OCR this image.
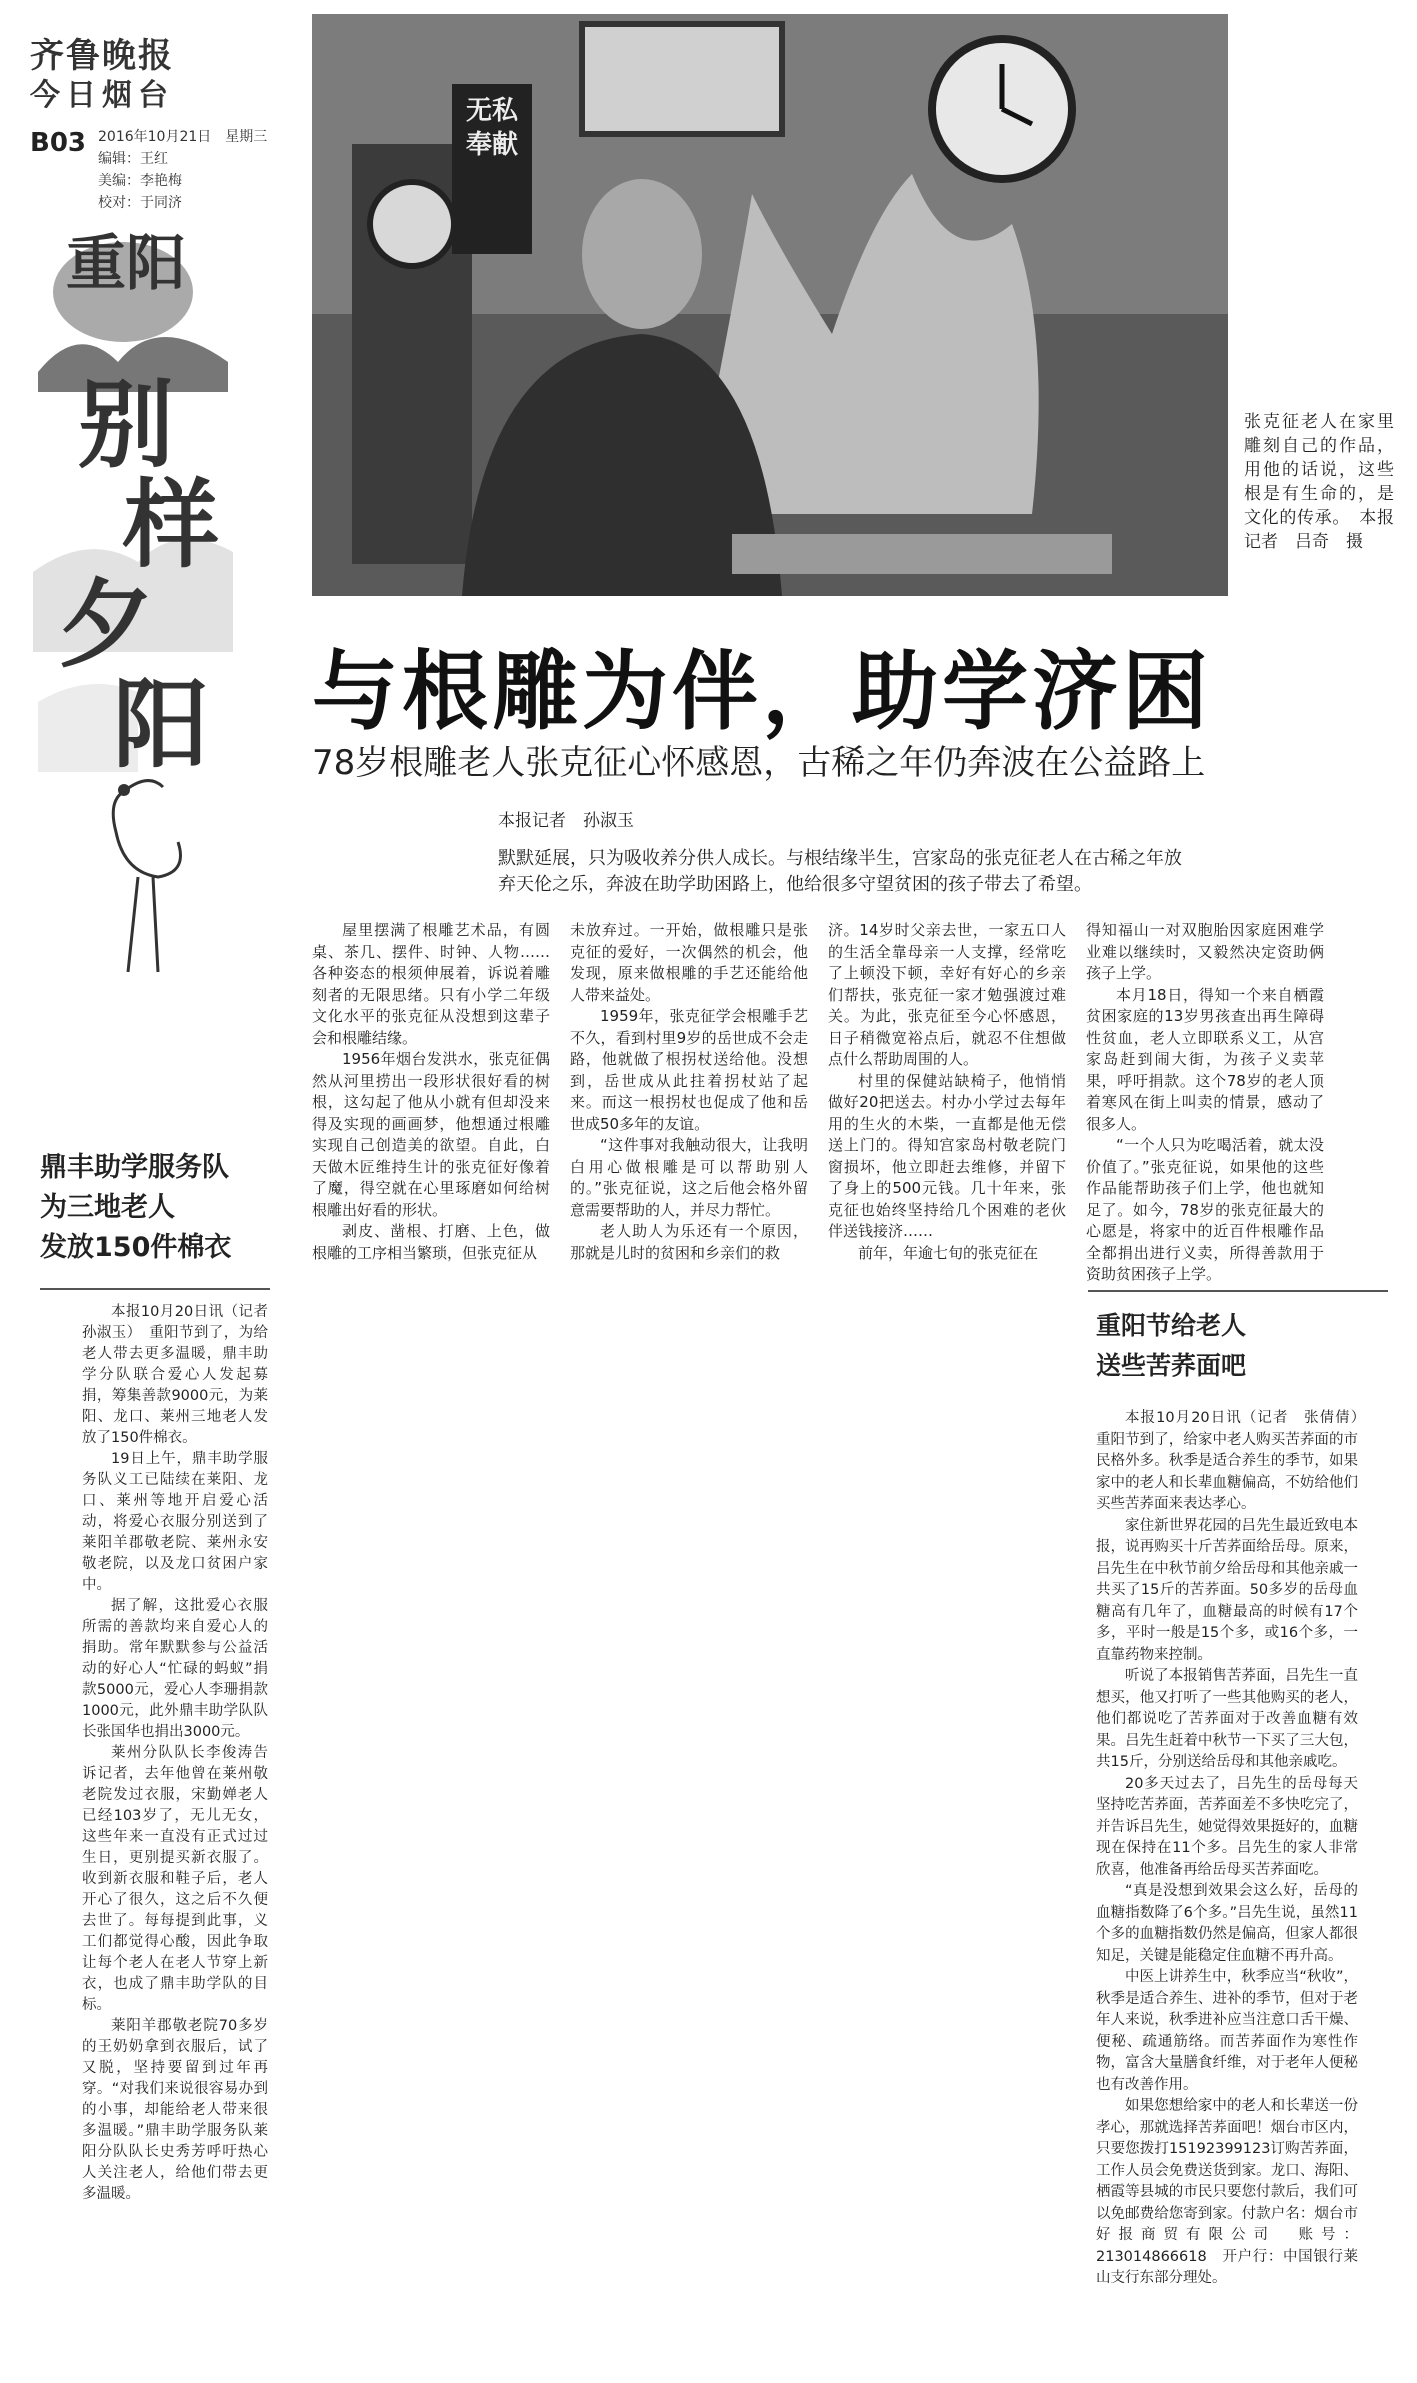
齐鲁晚报
今日烟台
B03 2016年10月21日　星期三
编辑：王红
美编：李艳梅
校对：于同济
重阳
别
样
夕
阳
无私奉献
张克征老人在家里雕刻自己的作品，用他的话说，这些根是有生命的，是文化的传承。　本报记者　吕奇　摄
与根雕为伴，助学济困
78岁根雕老人张克征心怀感恩，古稀之年仍奔波在公益路上
本报记者　孙淑玉
默默延展，只为吸收养分供人成长。与根结缘半生，宫家岛的张克征老人在古稀之年放弃天伦之乐，奔波在助学助困路上，他给很多守望贫困的孩子带去了希望。

屋里摆满了根雕艺术品，有圆桌、茶几、摆件、时钟、人物……各种姿态的根须伸展着，诉说着雕刻者的无限思绪。只有小学二年级文化水平的张克征从没想到这辈子会和根雕结缘。

1956年烟台发洪水，张克征偶然从河里捞出一段形状很好看的树根，这勾起了他从小就有但却没来得及实现的画画梦，他想通过根雕实现自己创造美的欲望。自此，白天做木匠维持生计的张克征好像着了魔，得空就在心里琢磨如何给树根雕出好看的形状。

剥皮、凿根、打磨、上色，做根雕的工序相当繁琐，但张克征从

未放弃过。一开始，做根雕只是张克征的爱好，一次偶然的机会，他发现，原来做根雕的手艺还能给他人带来益处。

1959年，张克征学会根雕手艺不久，看到村里9岁的岳世成不会走路，他就做了根拐杖送给他。没想到，岳世成从此拄着拐杖站了起来。而这一根拐杖也促成了他和岳世成50多年的友谊。

“这件事对我触动很大，让我明白用心做根雕是可以帮助别人的。”张克征说，这之后他会格外留意需要帮助的人，并尽力帮忙。

老人助人为乐还有一个原因，那就是儿时的贫困和乡亲们的救

济。14岁时父亲去世，一家五口人的生活全靠母亲一人支撑，经常吃了上顿没下顿，幸好有好心的乡亲们帮扶，张克征一家才勉强渡过难关。为此，张克征至今心怀感恩，日子稍微宽裕点后，就忍不住想做点什么帮助周围的人。

村里的保健站缺椅子，他悄悄做好20把送去。村办小学过去每年用的生火的木柴，一直都是他无偿送上门的。得知宫家岛村敬老院门窗损坏，他立即赶去维修，并留下了身上的500元钱。几十年来，张克征也始终坚持给几个困难的老伙伴送钱接济……

前年，年逾七旬的张克征在

得知福山一对双胞胎因家庭困难学业难以继续时，又毅然决定资助俩孩子上学。

本月18日，得知一个来自栖霞贫困家庭的13岁男孩查出再生障碍性贫血，老人立即联系义工，从宫家岛赶到闹大街，为孩子义卖苹果，呼吁捐款。这个78岁的老人顶着寒风在街上叫卖的情景，感动了很多人。

“一个人只为吃喝活着，就太没价值了。”张克征说，如果他的这些作品能帮助孩子们上学，他也就知足了。如今，78岁的张克征最大的心愿是，将家中的近百件根雕作品全都捐出进行义卖，所得善款用于资助贫困孩子上学。

鼎丰助学服务队
为三地老人
发放150件棉衣

本报10月20日讯（记者　孙淑玉）　重阳节到了，为给老人带去更多温暖，鼎丰助学分队联合爱心人发起募捐，筹集善款9000元，为莱阳、龙口、莱州三地老人发放了150件棉衣。

19日上午，鼎丰助学服务队义工已陆续在莱阳、龙口、莱州等地开启爱心活动，将爱心衣服分别送到了莱阳羊郡敬老院、莱州永安敬老院，以及龙口贫困户家中。

据了解，这批爱心衣服所需的善款均来自爱心人的捐助。常年默默参与公益活动的好心人“忙碌的蚂蚁”捐款5000元，爱心人李珊捐款1000元，此外鼎丰助学队队长张国华也捐出3000元。

莱州分队队长李俊涛告诉记者，去年他曾在莱州敬老院发过衣服，宋勤婵老人已经103岁了，无儿无女，这些年来一直没有正式过过生日，更别提买新衣服了。收到新衣服和鞋子后，老人开心了很久，这之后不久便去世了。每每提到此事，义工们都觉得心酸，因此争取让每个老人在老人节穿上新衣，也成了鼎丰助学队的目标。

莱阳羊郡敬老院70多岁的王奶奶拿到衣服后，试了又脱，坚持要留到过年再穿。“对我们来说很容易办到的小事，却能给老人带来很多温暖。”鼎丰助学服务队莱阳分队队长史秀芳呼吁热心人关注老人，给他们带去更多温暖。

重阳节给老人
送些苦荞面吧

本报10月20日讯（记者　张倩倩）　重阳节到了，给家中老人购买苦荞面的市民格外多。秋季是适合养生的季节，如果家中的老人和长辈血糖偏高，不妨给他们买些苦荞面来表达孝心。

家住新世界花园的吕先生最近致电本报，说再购买十斤苦荞面给岳母。原来，吕先生在中秋节前夕给岳母和其他亲戚一共买了15斤的苦荞面。50多岁的岳母血糖高有几年了，血糖最高的时候有17个多，平时一般是15个多，或16个多，一直靠药物来控制。

听说了本报销售苦荞面，吕先生一直想买，他又打听了一些其他购买的老人，他们都说吃了苦荞面对于改善血糖有效果。吕先生赶着中秋节一下买了三大包，共15斤，分别送给岳母和其他亲戚吃。

20多天过去了，吕先生的岳母每天坚持吃苦荞面，苦荞面差不多快吃完了，并告诉吕先生，她觉得效果挺好的，血糖现在保持在11个多。吕先生的家人非常欣喜，他准备再给岳母买苦荞面吃。

“真是没想到效果会这么好，岳母的血糖指数降了6个多。”吕先生说，虽然11个多的血糖指数仍然是偏高，但家人都很知足，关键是能稳定住血糖不再升高。

中医上讲养生中，秋季应当“秋收”，秋季是适合养生、进补的季节，但对于老年人来说，秋季进补应当注意口舌干燥、便秘、疏通筋络。而苦荞面作为寒性作物，富含大量膳食纤维，对于老年人便秘也有改善作用。

如果您想给家中的老人和长辈送一份孝心，那就选择苦荞面吧！烟台市区内，只要您拨打15192399123订购苦荞面，工作人员会免费送货到家。龙口、海阳、栖霞等县城的市民只要您付款后，我们可以免邮费给您寄到家。付款户名：烟台市好报商贸有限公司　账号：213014866618　开户行：中国银行莱山支行东部分理处。
